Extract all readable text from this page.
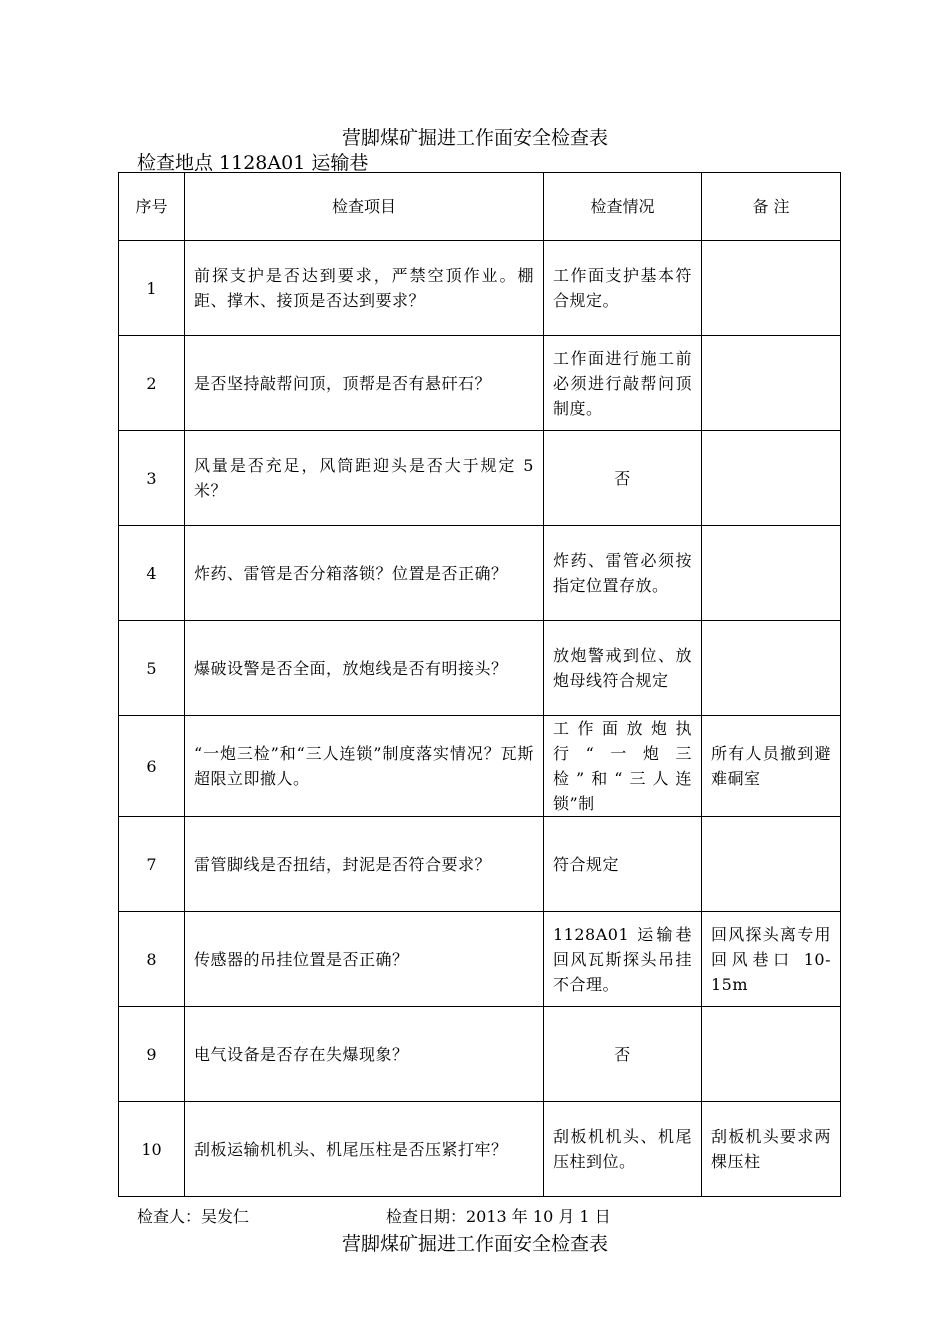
营脚煤矿掘进工作面安全检查表
检查地点 1128A01 运输巷
序号	检查项目	检查情况	备 注
1	前探支护是否达到要求，严禁空顶作业。棚距、撑木、接顶是否达到要求？	工作面支护基本符合规定。	
2	是否坚持敲帮问顶，顶帮是否有悬矸石？	工作面进行施工前必须进行敲帮问顶制度。	
3	风量是否充足，风筒距迎头是否大于规定 5 米？	否	
4	炸药、雷管是否分箱落锁？位置是否正确？	炸药、雷管必须按指定位置存放。	
5	爆破设警是否全面，放炮线是否有明接头？	放炮警戒到位、放炮母线符合规定	
6	“一炮三检”和“三人连锁”制度落实情况？瓦斯超限立即撤人。	工作面放炮执行“一炮三检”和“三人连锁”制	所有人员撤到避难硐室
7	雷管脚线是否扭结，封泥是否符合要求？	符合规定	
8	传感器的吊挂位置是否正确？	1128A01 运输巷回风瓦斯探头吊挂不合理。	回风探头离专用回风巷口 10-15m
9	电气设备是否存在失爆现象？	否	
10	刮板运输机机头、机尾压柱是否压紧打牢？	刮板机机头、机尾压柱到位。	刮板机头要求两棵压柱
检查人：吴发仁	检查日期：2013 年 10 月 1 日
营脚煤矿掘进工作面安全检查表
